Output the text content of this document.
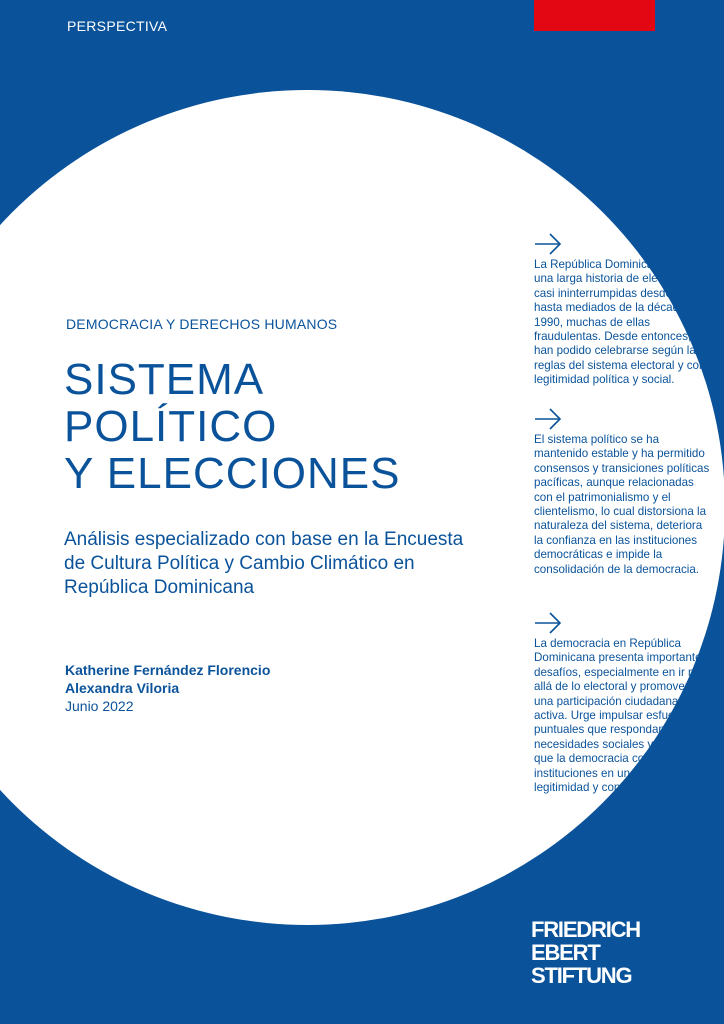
PERSPECTIVA
DEMOCRACIA Y DERECHOS HUMANOS
SISTEMA
POLÍTICO
Y ELECCIONES

Análisis especializado con base en la Encuesta de Cultura Política y Cambio Climático en República Dominicana

Katherine Fernández Florencio
Alexandra Viloria
Junio 2022

La República Dominicana tiene una larga historia de elecciones casi ininterrumpidas desde 1920 hasta mediados de la década de 1990, muchas de ellas fraudulentas. Desde entonces, han podido celebrarse según las reglas del sistema electoral y con legitimidad política y social.

El sistema político se ha mantenido estable y ha permitido consensos y transiciones políticas pacíficas, aunque relacionadas con el patrimonialismo y el clientelismo, lo cual distorsiona la naturaleza del sistema, deteriora la confianza en las instituciones democráticas e impide la consolidación de la democracia.

La democracia en República Dominicana presenta importantes desafíos, especialmente en ir más allá de lo electoral y promover una participación ciudadana más activa. Urge impulsar esfuerzos puntuales que respondan a las necesidades sociales y permitan que la democracia consolide sus instituciones en un marco de legitimidad y confianza social.

FRIEDRICH
EBERT
STIFTUNG
